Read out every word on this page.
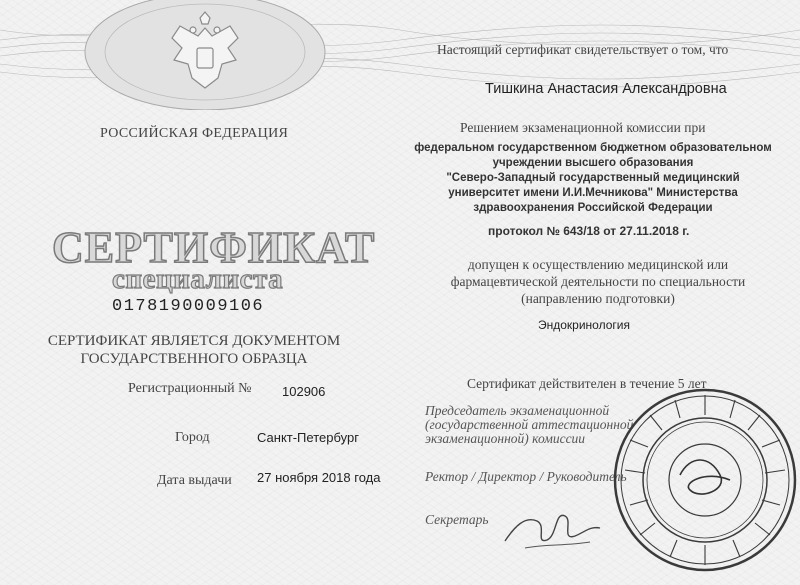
РОССИЙСКАЯ ФЕДЕРАЦИЯ
СЕРТИФИКАТ
специалиста
0178190009106
СЕРТИФИКАТ ЯВЛЯЕТСЯ ДОКУМЕНТОМ
ГОСУДАРСТВЕННОГО ОБРАЗЦА
Регистрационный № 102906
Город	Санкт-Петербург
Дата выдачи 27 ноября 2018 года
Настоящий сертификат свидетельствует о том, что
Тишкина Анастасия Александровна
Решением экзаменационной комиссии при
федеральном государственном бюджетном образовательном
учреждении высшего образования
"Северо-Западный государственный медицинский
университет имени И.И.Мечникова" Министерства
здравоохранения Российской Федерации
протокол № 643/18 от 27.11.2018 г.
допущен к осуществлению медицинской или
фармацевтической деятельности по специальности
(направлению подготовки)
Эндокринология
Сертификат действителен в течение 5 лет
Председатель экзаменационной
(государственной аттестационной
экзаменационной) комиссии
Ректор / Директор / Руководитель
Секретарь
